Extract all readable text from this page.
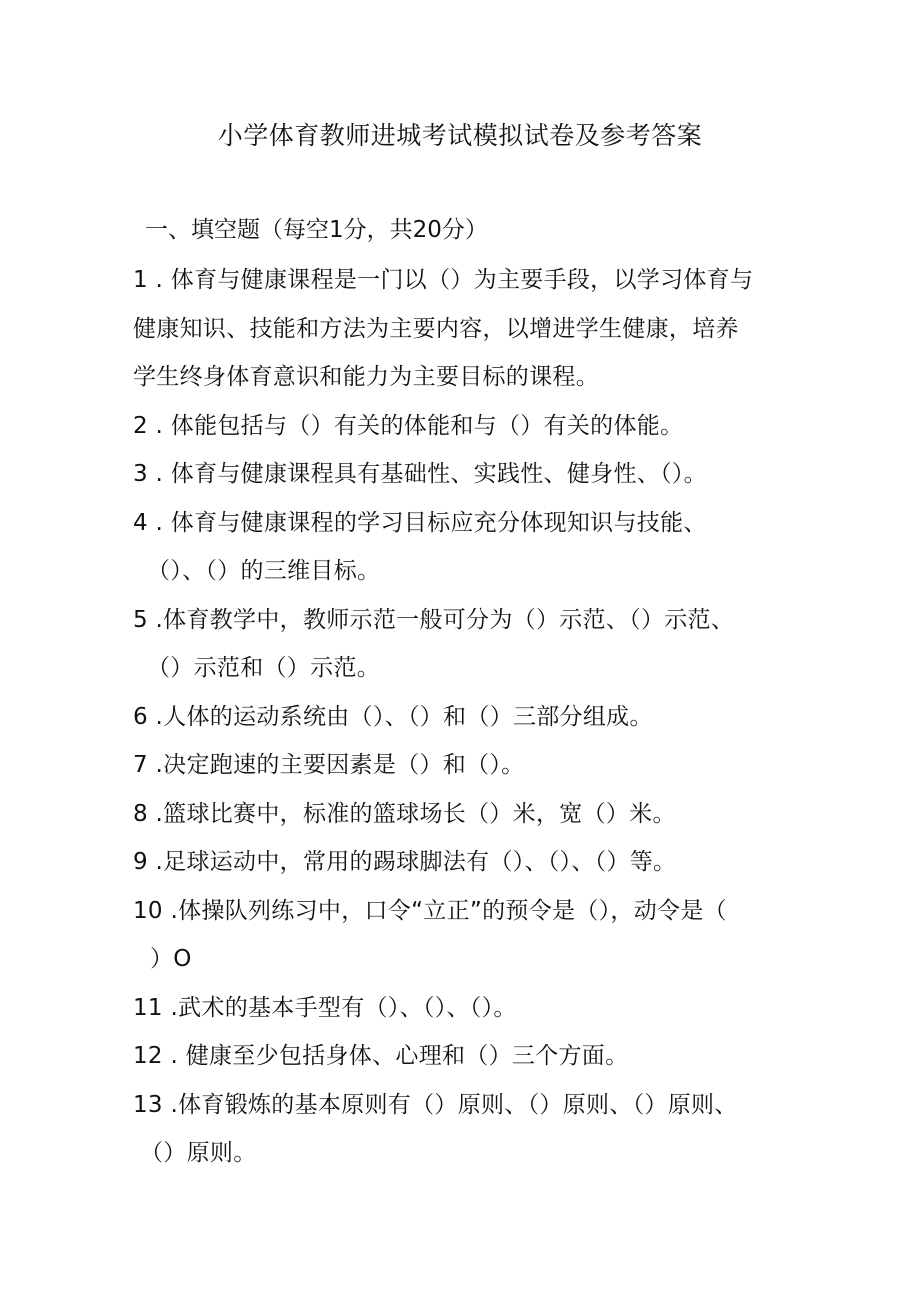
小学体育教师进城考试模拟试卷及参考答案
一、填空题（每空1分，共20分）
1 . 体育与健康课程是一门以（）为主要手段，以学习体育与
健康知识、技能和方法为主要内容，以增进学生健康，培养
学生终身体育意识和能力为主要目标的课程。
2 . 体能包括与（）有关的体能和与（）有关的体能。
3 . 体育与健康课程具有基础性、实践性、健身性、（）。
4 . 体育与健康课程的学习目标应充分体现知识与技能、
（）、（）的三维目标。
5 .体育教学中，教师示范一般可分为（）示范、（）示范、
（）示范和（）示范。
6 .人体的运动系统由（）、（）和（）三部分组成。
7 .决定跑速的主要因素是（）和（）。
8 .篮球比赛中，标准的篮球场长（）米，宽（）米。
9 .足球运动中，常用的踢球脚法有（）、（）、（）等。
10 .体操队列练习中，口令“立正”的预令是（），动令是（
）O
11 .武术的基本手型有（）、（）、（）。
12 . 健康至少包括身体、心理和（）三个方面。
13 .体育锻炼的基本原则有（）原则、（）原则、（）原则、
（）原则。
